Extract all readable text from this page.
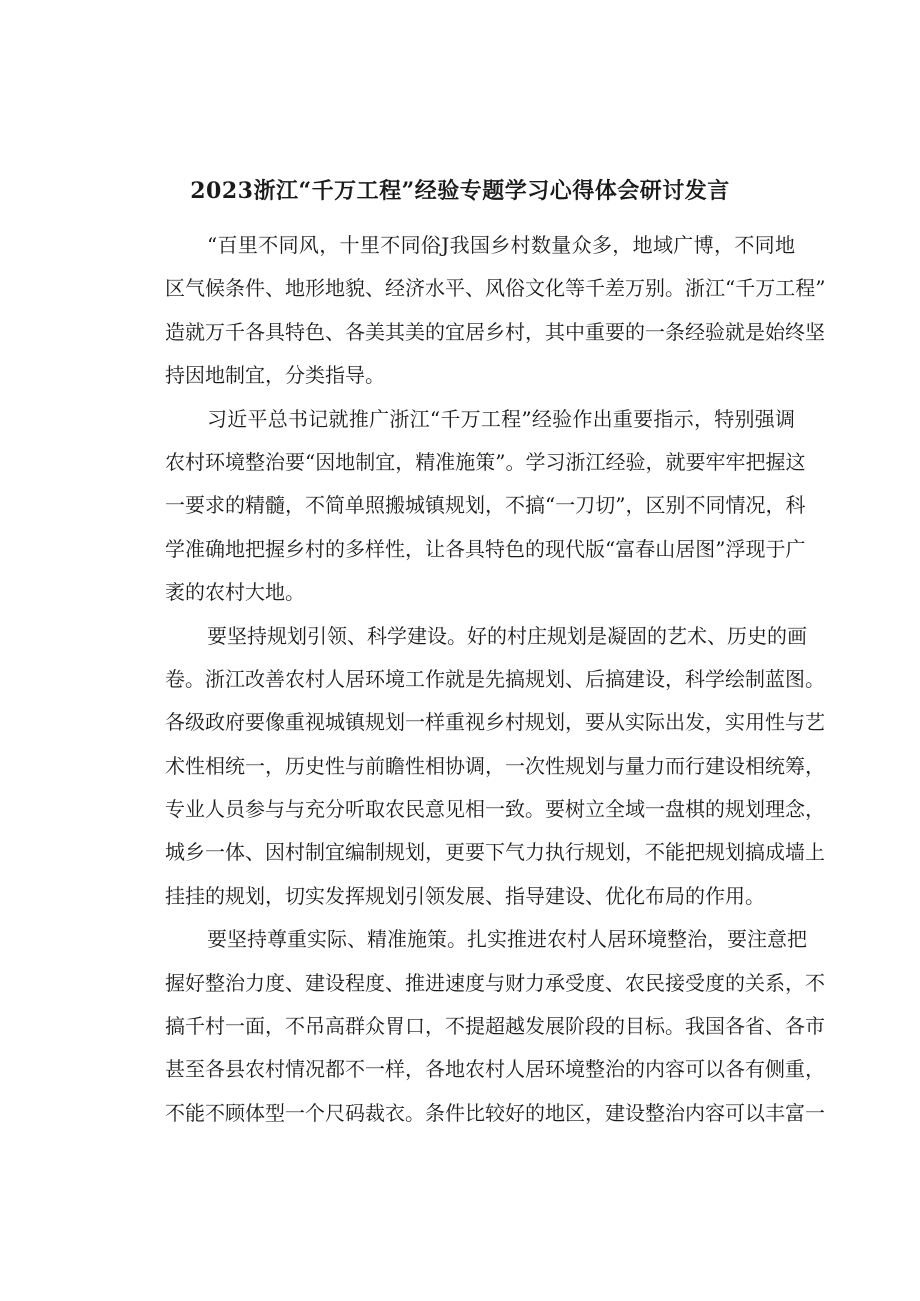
2023浙江“千万工程”经验专题学习心得体会研讨发言
“百里不同风，十里不同俗J我国乡村数量众多，地域广博，不同地
区气候条件、地形地貌、经济水平、风俗文化等千差万别。浙江“千万工程”
造就万千各具特色、各美其美的宜居乡村，其中重要的一条经验就是始终坚
持因地制宜，分类指导。
习近平总书记就推广浙江“千万工程”经验作出重要指示，特别强调
农村环境整治要“因地制宜，精准施策”。学习浙江经验，就要牢牢把握这
一要求的精髓，不简单照搬城镇规划，不搞“一刀切”，区别不同情况，科
学准确地把握乡村的多样性，让各具特色的现代版“富春山居图”浮现于广
袤的农村大地。
要坚持规划引领、科学建设。好的村庄规划是凝固的艺术、历史的画
卷。浙江改善农村人居环境工作就是先搞规划、后搞建设，科学绘制蓝图。
各级政府要像重视城镇规划一样重视乡村规划，要从实际出发，实用性与艺
术性相统一，历史性与前瞻性相协调，一次性规划与量力而行建设相统筹，
专业人员参与与充分听取农民意见相一致。要树立全域一盘棋的规划理念，
城乡一体、因村制宜编制规划，更要下气力执行规划，不能把规划搞成墙上
挂挂的规划，切实发挥规划引领发展、指导建设、优化布局的作用。
要坚持尊重实际、精准施策。扎实推进农村人居环境整治，要注意把
握好整治力度、建设程度、推进速度与财力承受度、农民接受度的关系，不
搞千村一面，不吊高群众胃口，不提超越发展阶段的目标。我国各省、各市
甚至各县农村情况都不一样，各地农村人居环境整治的内容可以各有侧重，
不能不顾体型一个尺码裁衣。条件比较好的地区，建设整治内容可以丰富一
